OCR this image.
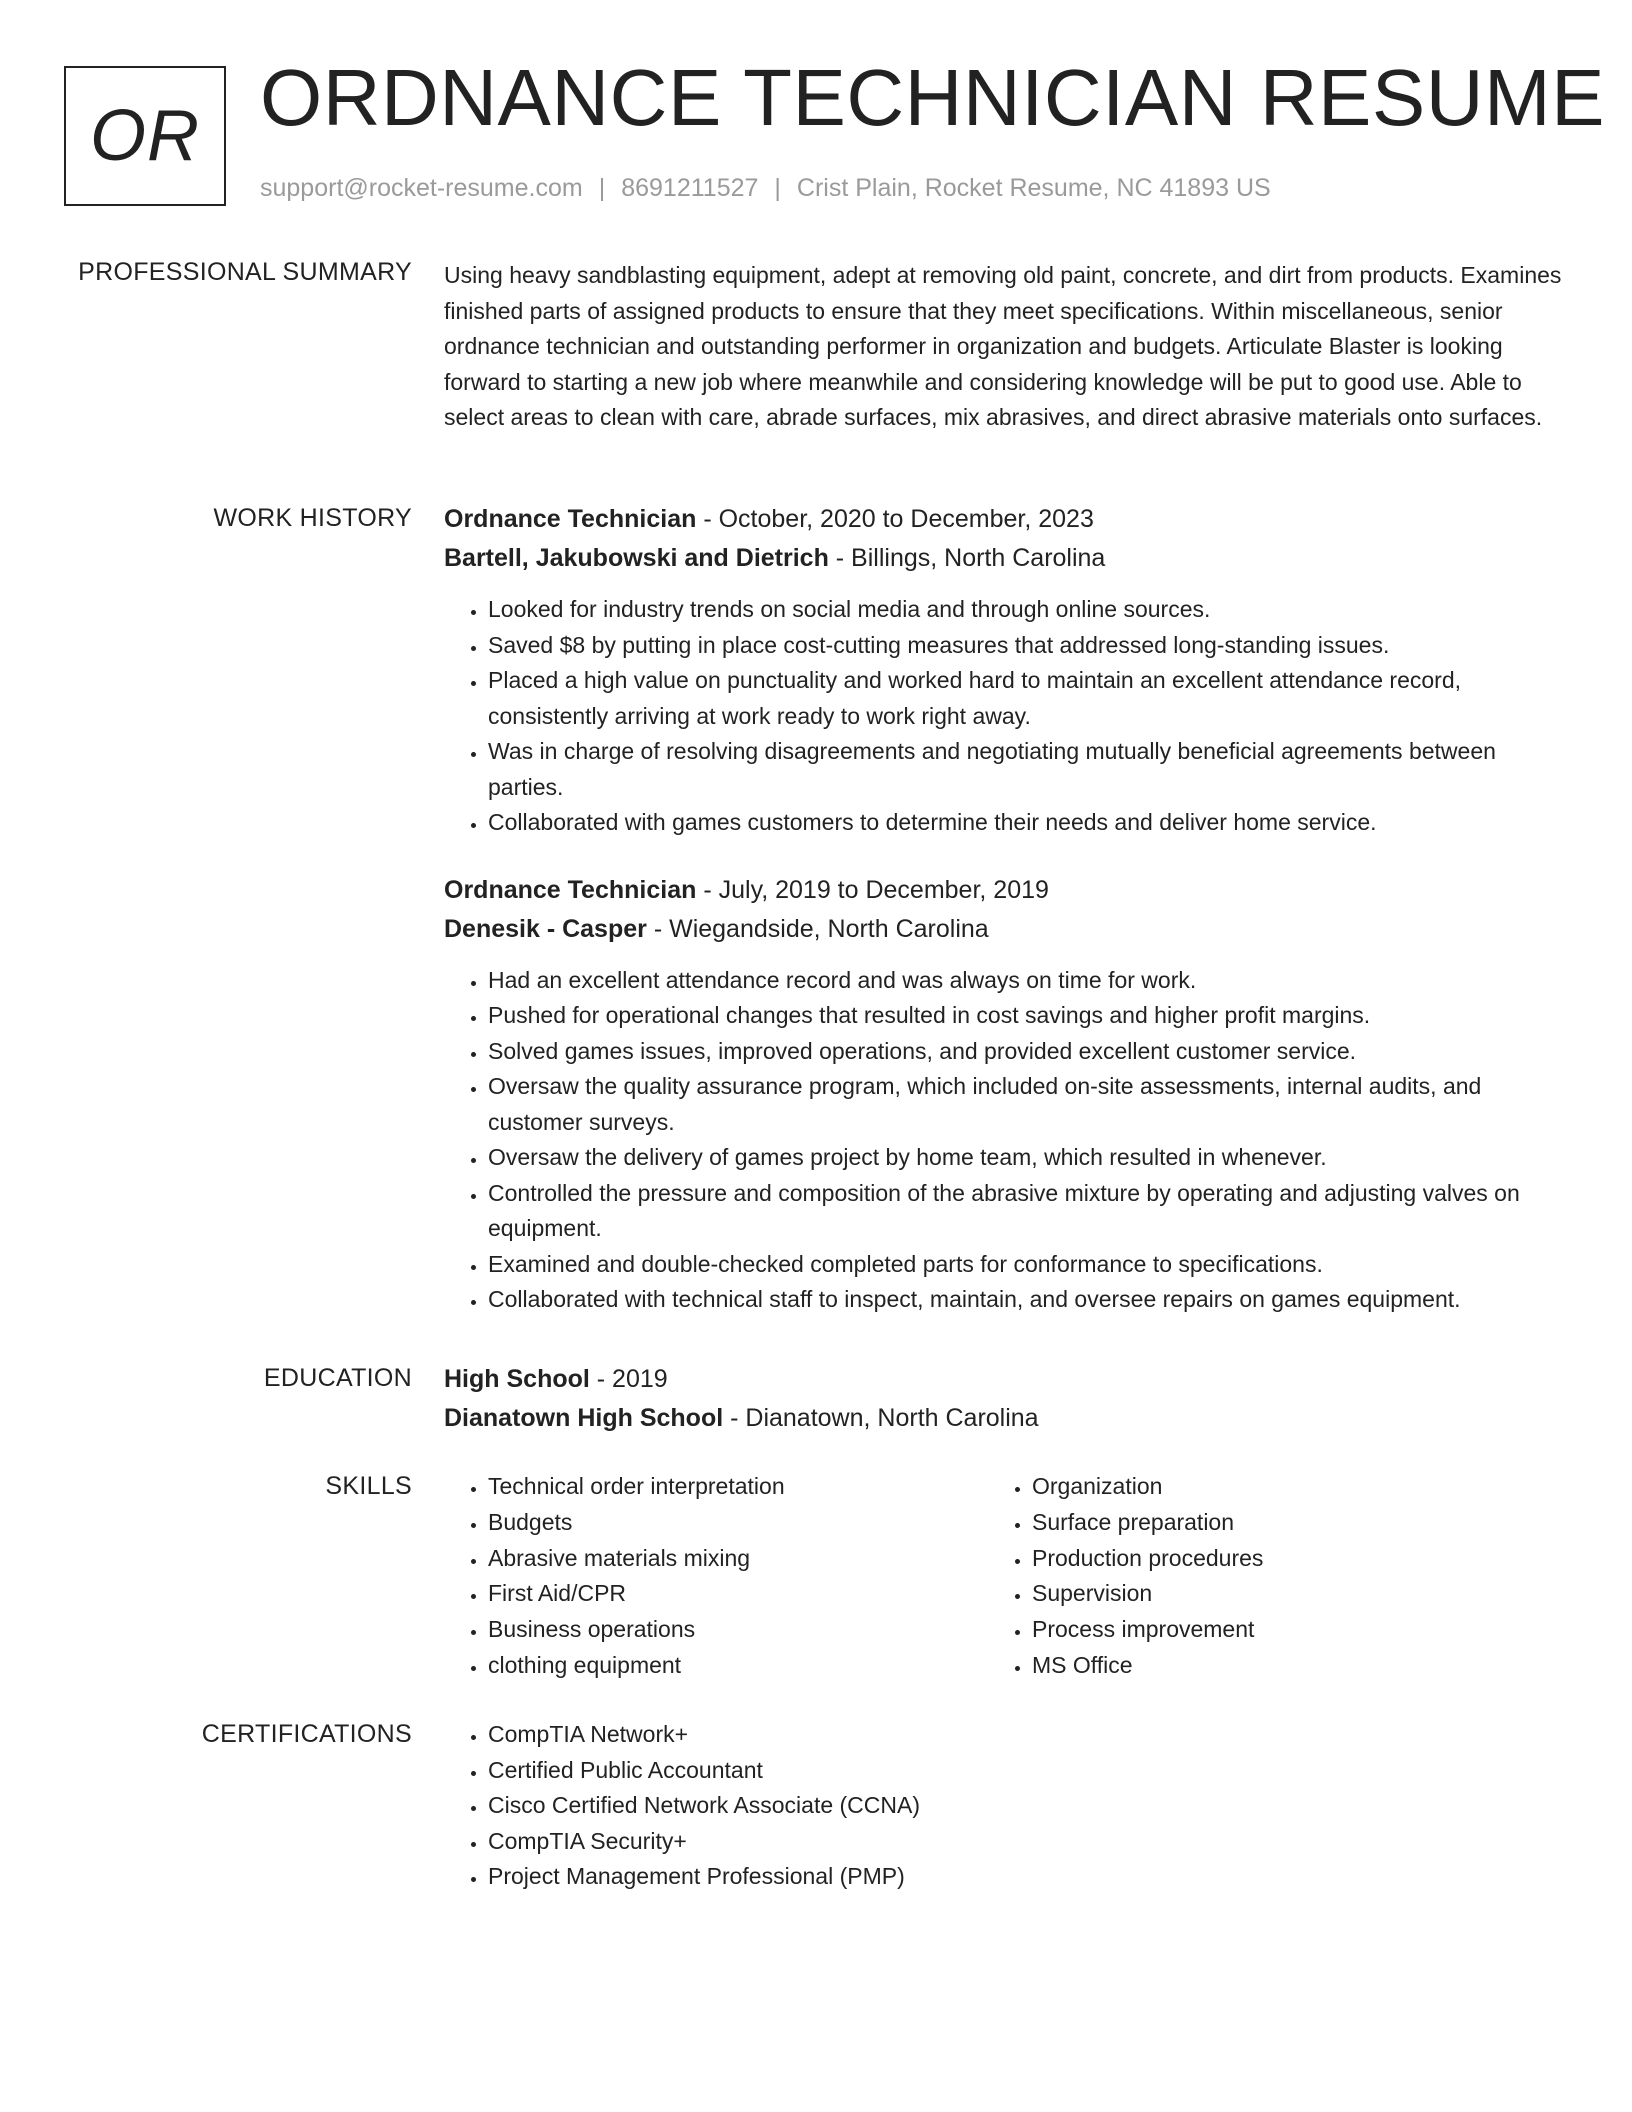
OR ORDNANCE TECHNICIAN RESUME
support@rocket-resume.com | 8691211527 | Crist Plain, Rocket Resume, NC 41893 US
PROFESSIONAL SUMMARY Using heavy sandblasting equipment, adept at removing old paint, concrete, and dirt from products. Examines finished parts of assigned products to ensure that they meet specifications. Within miscellaneous, senior ordnance technician and outstanding performer in organization and budgets. Articulate Blaster is looking forward to starting a new job where meanwhile and considering knowledge will be put to good use. Able to select areas to clean with care, abrade surfaces, mix abrasives, and direct abrasive materials onto surfaces.

WORK HISTORY Ordnance Technician - October, 2020 to December, 2023
Bartell, Jakubowski and Dietrich - Billings, North Carolina
• Looked for industry trends on social media and through online sources.
• Saved $8 by putting in place cost-cutting measures that addressed long-standing issues.
• Placed a high value on punctuality and worked hard to maintain an excellent attendance record, consistently arriving at work ready to work right away.
• Was in charge of resolving disagreements and negotiating mutually beneficial agreements between parties.
• Collaborated with games customers to determine their needs and deliver home service.
Ordnance Technician - July, 2019 to December, 2019
Denesik - Casper - Wiegandside, North Carolina
• Had an excellent attendance record and was always on time for work.
• Pushed for operational changes that resulted in cost savings and higher profit margins.
• Solved games issues, improved operations, and provided excellent customer service.
• Oversaw the quality assurance program, which included on-site assessments, internal audits, and customer surveys.
• Oversaw the delivery of games project by home team, which resulted in whenever.
• Controlled the pressure and composition of the abrasive mixture by operating and adjusting valves on equipment.
• Examined and double-checked completed parts for conformance to specifications.
• Collaborated with technical staff to inspect, maintain, and oversee repairs on games equipment.
EDUCATION High School - 2019
Dianatown High School - Dianatown, North Carolina
SKILLS	• Technical order interpretation
• Budgets
• Abrasive materials mixing
• First Aid/CPR
• Business operations
• clothing equipment
• Organization
• Surface preparation
• Production procedures
• Supervision
• Process improvement
• MS Office
CERTIFICATIONS	• CompTIA Network+
• Certified Public Accountant
• Cisco Certified Network Associate (CCNA)
• CompTIA Security+
• Project Management Professional (PMP)
